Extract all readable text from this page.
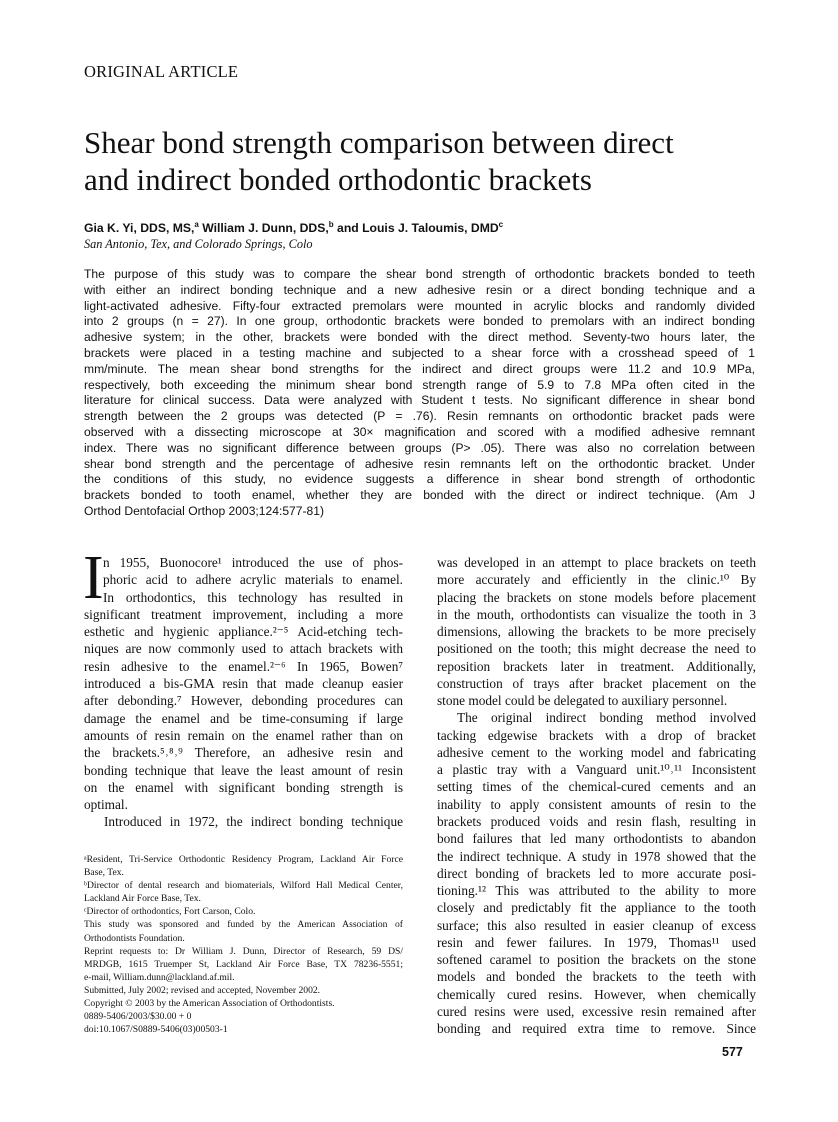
ORIGINAL ARTICLE
Shear bond strength comparison between direct
and indirect bonded orthodontic brackets
Gia K. Yi, DDS, MS,$^a$ William J. Dunn, DDS,$^b$ and Louis J. Taloumis, DMD$^c$
San Antonio, Tex, and Colorado Springs, Colo
The purpose of this study was to compare the shear bond strength of orthodontic brackets bonded to teeth
with either an indirect bonding technique and a new adhesive resin or a direct bonding technique and a
light-activated adhesive. Fifty-four extracted premolars were mounted in acrylic blocks and randomly divided
into 2 groups (n = 27). In one group, orthodontic brackets were bonded to premolars with an indirect bonding
adhesive system; in the other, brackets were bonded with the direct method. Seventy-two hours later, the
brackets were placed in a testing machine and subjected to a shear force with a crosshead speed of 1
mm/minute. The mean shear bond strengths for the indirect and direct groups were 11.2 and 10.9 MPa,
respectively, both exceeding the minimum shear bond strength range of 5.9 to 7.8 MPa often cited in the
literature for clinical success. Data were analyzed with Student t tests. No significant difference in shear bond
strength between the 2 groups was detected (P = .76). Resin remnants on orthodontic bracket pads were
observed with a dissecting microscope at 30× magnification and scored with a modified adhesive remnant
index. There was no significant difference between groups (P> .05). There was also no correlation between
shear bond strength and the percentage of adhesive resin remnants left on the orthodontic bracket. Under
the conditions of this study, no evidence suggests a difference in shear bond strength of orthodontic
brackets bonded to tooth enamel, whether they are bonded with the direct or indirect technique. (Am J
Orthod Dentofacial Orthop 2003;124:577-81)
I n 1955, Buonocore¹ introduced the use of phos-
phoric acid to adhere acrylic materials to enamel.
In orthodontics, this technology has resulted in
significant treatment improvement, including a more
esthetic and hygienic appliance.²⁻⁵ Acid-etching tech-
niques are now commonly used to attach brackets with
resin adhesive to the enamel.²⁻⁶ In 1965, Bowen⁷
introduced a bis-GMA resin that made cleanup easier
after debonding.⁷ However, debonding procedures can
damage the enamel and be time-consuming if large
amounts of resin remain on the enamel rather than on
the brackets.⁵˒⁸˒⁹ Therefore, an adhesive resin and
bonding technique that leave the least amount of resin
on the enamel with significant bonding strength is
optimal.
Introduced in 1972, the indirect bonding technique
was developed in an attempt to place brackets on teeth
more accurately and efficiently in the clinic.¹⁰ By
placing the brackets on stone models before placement
in the mouth, orthodontists can visualize the tooth in 3
dimensions, allowing the brackets to be more precisely
positioned on the tooth; this might decrease the need to
reposition brackets later in treatment. Additionally,
construction of trays after bracket placement on the
stone model could be delegated to auxiliary personnel.
The original indirect bonding method involved
tacking edgewise brackets with a drop of bracket
adhesive cement to the working model and fabricating
a plastic tray with a Vanguard unit.¹⁰˒¹¹ Inconsistent
setting times of the chemical-cured cements and an
inability to apply consistent amounts of resin to the
brackets produced voids and resin flash, resulting in
bond failures that led many orthodontists to abandon
the indirect technique. A study in 1978 showed that the
direct bonding of brackets led to more accurate posi-
tioning.¹² This was attributed to the ability to more
closely and predictably fit the appliance to the tooth
surface; this also resulted in easier cleanup of excess
resin and fewer failures. In 1979, Thomas¹¹ used
softened caramel to position the brackets on the stone
models and bonded the brackets to the teeth with
chemically cured resins. However, when chemically
cured resins were used, excessive resin remained after
bonding and required extra time to remove. Since
ᵃResident, Tri-Service Orthodontic Residency Program, Lackland Air Force
Base, Tex.
ᵇDirector of dental research and biomaterials, Wilford Hall Medical Center,
Lackland Air Force Base, Tex.
ᶜDirector of orthodontics, Fort Carson, Colo.
This study was sponsored and funded by the American Association of
Orthodontists Foundation.
Reprint requests to: Dr William J. Dunn, Director of Research, 59 DS/
MRDGB, 1615 Truemper St, Lackland Air Force Base, TX 78236-5551;
e-mail, William.dunn@lackland.af.mil.
Submitted, July 2002; revised and accepted, November 2002.
Copyright © 2003 by the American Association of Orthodontists.
0889-5406/2003/$30.00 + 0
doi:10.1067/S0889-5406(03)00503-1
577
